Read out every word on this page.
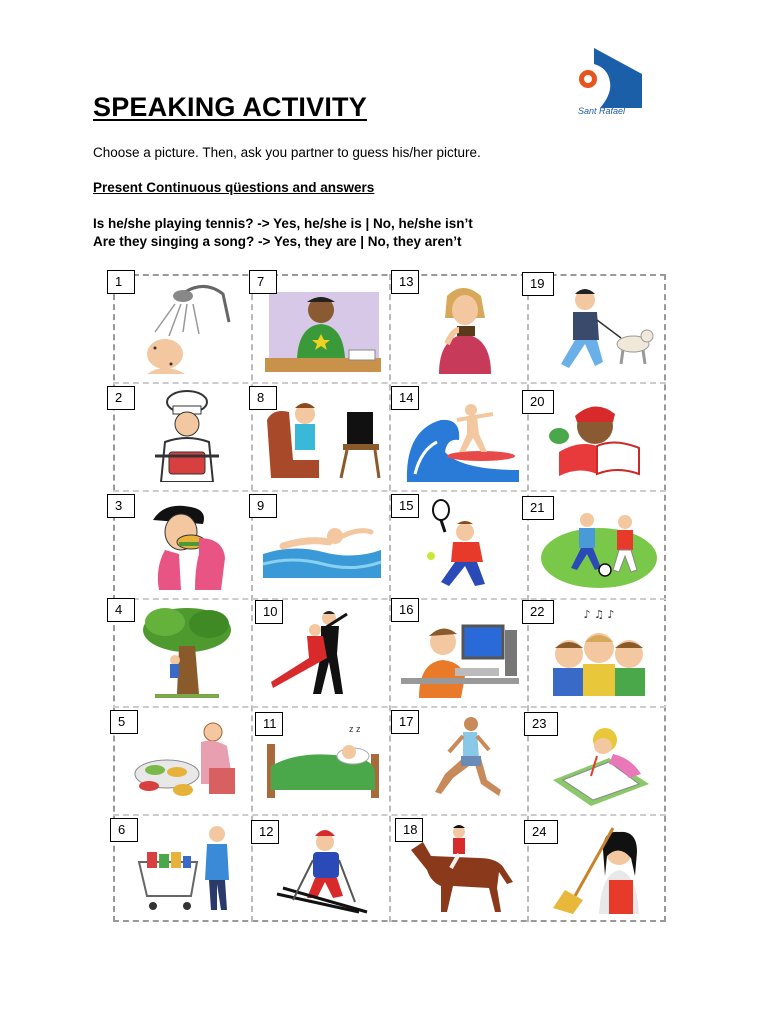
SPEAKING ACTIVITY	Sant Rafael
Choose a picture. Then, ask you partner to guess his/her picture.
Present Continuous qüestions and answers
Is he/she playing tennis? -> Yes, he/she is | No, he/she isn’t
Are they singing a song? -> Yes, they are | No, they aren’t
1
2
3
4
5
6
7
8
9
10
z z
11
12
13
14
15
16
17
18
19
20
21
♪ ♫ ♪
22
23
24
